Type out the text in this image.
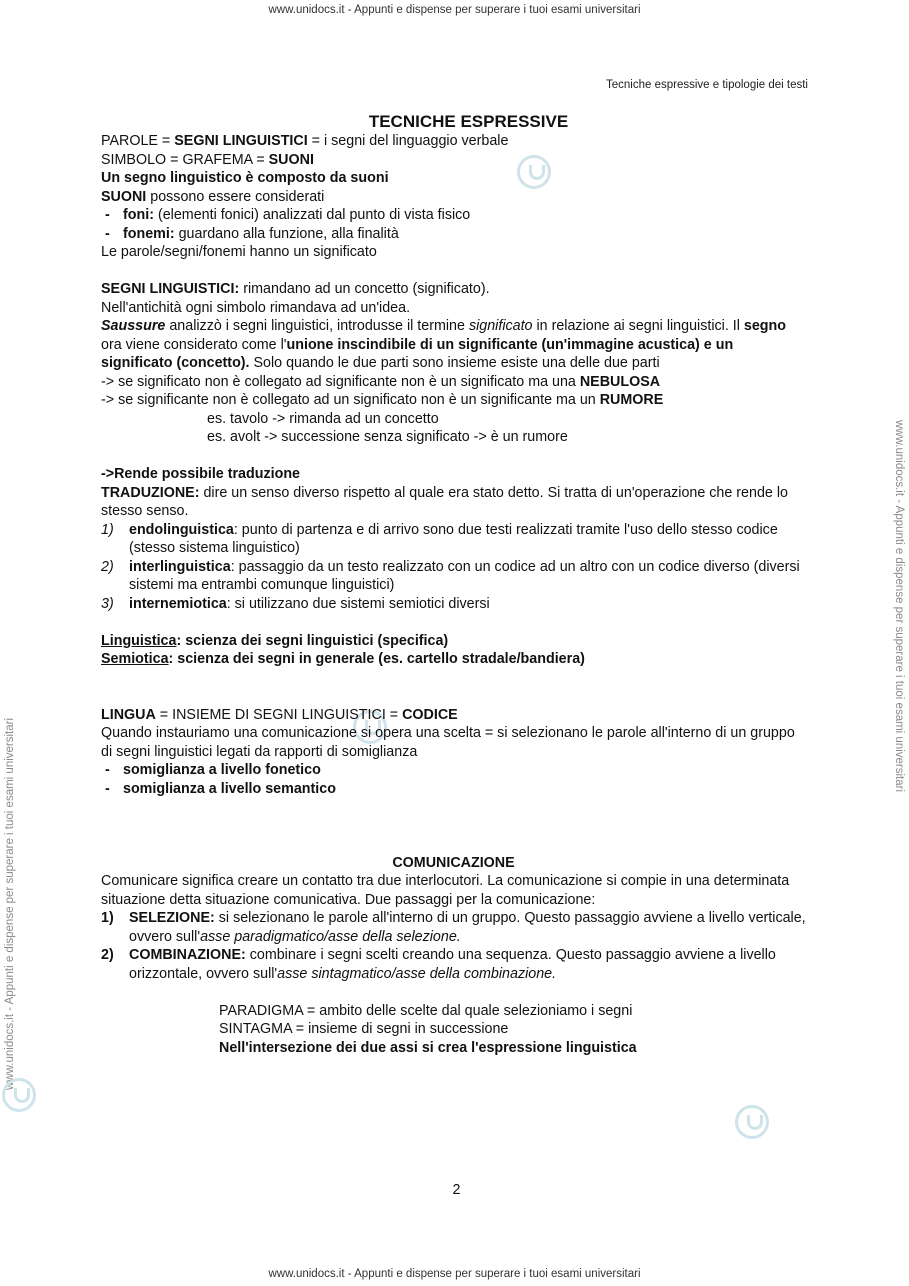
www.unidocs.it - Appunti e dispense per superare i tuoi esami universitari
www.unidocs.it - Appunti e dispense per superare i tuoi esami universitari
www.unidocs.it - Appunti e dispense per superare i tuoi esami universitari
www.unidocs.it - Appunti e dispense per superare i tuoi esami universitari
Tecniche espressive e tipologie dei testi

TECNICHE ESPRESSIVE

PAROLE = SEGNI LINGUISTICI = i segni del linguaggio verbale

SIMBOLO = GRAFEMA = SUONI

Un segno linguistico è composto da suoni

SUONI possono essere considerati

- foni: (elementi fonici) analizzati dal punto di vista fisico

- fonemi: guardano alla funzione, alla finalità

Le parole/segni/fonemi hanno un significato

SEGNI LINGUISTICI: rimandano ad un concetto (significato).

Nell'antichità ogni simbolo rimandava ad un'idea.

Saussure analizzò i segni linguistici, introdusse il termine significato in relazione ai segni linguistici. Il segno ora viene considerato come l'unione inscindibile di un significante (un'immagine acustica) e un significato (concetto). Solo quando le due parti sono insieme esiste una delle due parti

-> se significato non è collegato ad significante non è un significato ma una NEBULOSA

-> se significante non è collegato ad un significato non è un significante ma un RUMORE

es. tavolo -> rimanda ad un concetto

es. avolt -> successione senza significato -> è un rumore

->Rende possibile traduzione

TRADUZIONE: dire un senso diverso rispetto al quale era stato detto. Si tratta di un'operazione che rende lo stesso senso.

1) endolinguistica: punto di partenza e di arrivo sono due testi realizzati tramite l'uso dello stesso codice (stesso sistema linguistico)

2) interlinguistica: passaggio da un testo realizzato con un codice ad un altro con un codice diverso (diversi sistemi ma entrambi comunque linguistici)

3) internemiotica: si utilizzano due sistemi semiotici diversi

Linguistica: scienza dei segni linguistici (specifica)

Semiotica: scienza dei segni in generale (es. cartello stradale/bandiera)

LINGUA = INSIEME DI SEGNI LINGUISTICI = CODICE

Quando instauriamo una comunicazione si opera una scelta = si selezionano le parole all'interno di un gruppo di segni linguistici legati da rapporti di somiglianza

- somiglianza a livello fonetico

- somiglianza a livello semantico

COMUNICAZIONE

Comunicare significa creare un contatto tra due interlocutori. La comunicazione si compie in una determinata situazione detta situazione comunicativa. Due passaggi per la comunicazione:

1) SELEZIONE: si selezionano le parole all'interno di un gruppo. Questo passaggio avviene a livello verticale, ovvero sull'asse paradigmatico/asse della selezione.

2) COMBINAZIONE: combinare i segni scelti creando una sequenza. Questo passaggio avviene a livello orizzontale, ovvero sull'asse sintagmatico/asse della combinazione.

PARADIGMA = ambito delle scelte dal quale selezioniamo i segni

SINTAGMA = insieme di segni in successione

Nell'intersezione dei due assi si crea l'espressione linguistica

2
